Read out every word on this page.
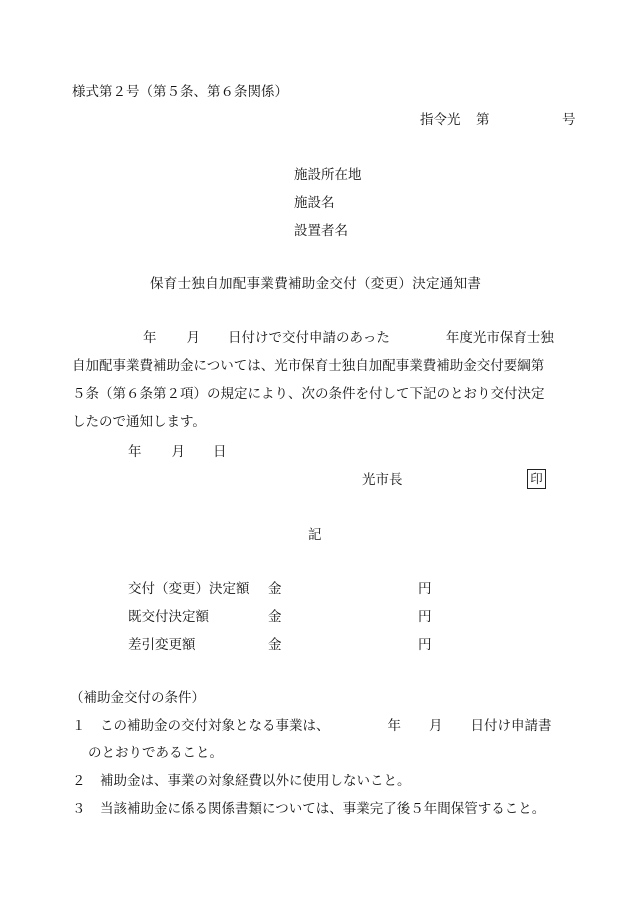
様式第２号（第５条、第６条関係）
指令光 第	号
施設所在地
施設名
設置者名
保育士独自加配事業費補助金交付（変更）決定通知書
年 月 日付けで交付申請のあった	年度光市保育士独
自加配事業費補助金については、光市保育士独自加配事業費補助金交付要綱第
５条（第６条第２項）の規定により、次の条件を付して下記のとおり交付決定
したので通知します。
年 月 日
光市長	印
記
交付（変更）決定額 金	円
既交付決定額	金	円
差引変更額	金	円
（補助金交付の条件）
１ この補助金の交付対象となる事業は、	年 月 日付け申請書
のとおりであること。
２ 補助金は、事業の対象経費以外に使用しないこと。
３ 当該補助金に係る関係書類については、事業完了後５年間保管すること。
